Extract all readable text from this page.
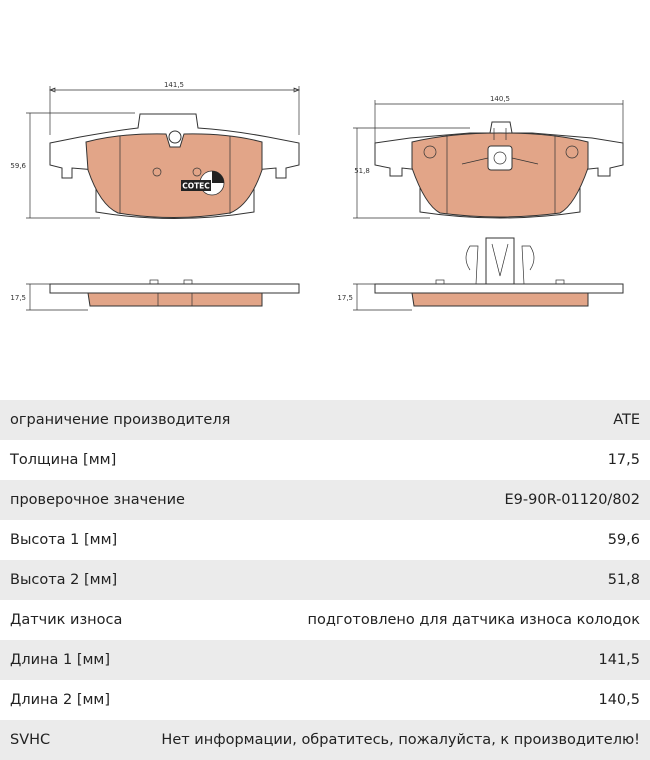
141,5
59,6
COTEC
140,5
51,8
17,5	17,5
ограничение производителя	ATE
Толщина [мм]	17,5
проверочное значение	E9-90R-01120/802
Высота 1 [мм]	59,6
Высота 2 [мм]	51,8
Датчик износа	подготовлено для датчика износа колодок
Длина 1 [мм]	141,5
Длина 2 [мм]	140,5
SVHC	Нет информации, обратитесь, пожалуйста, к производителю!
